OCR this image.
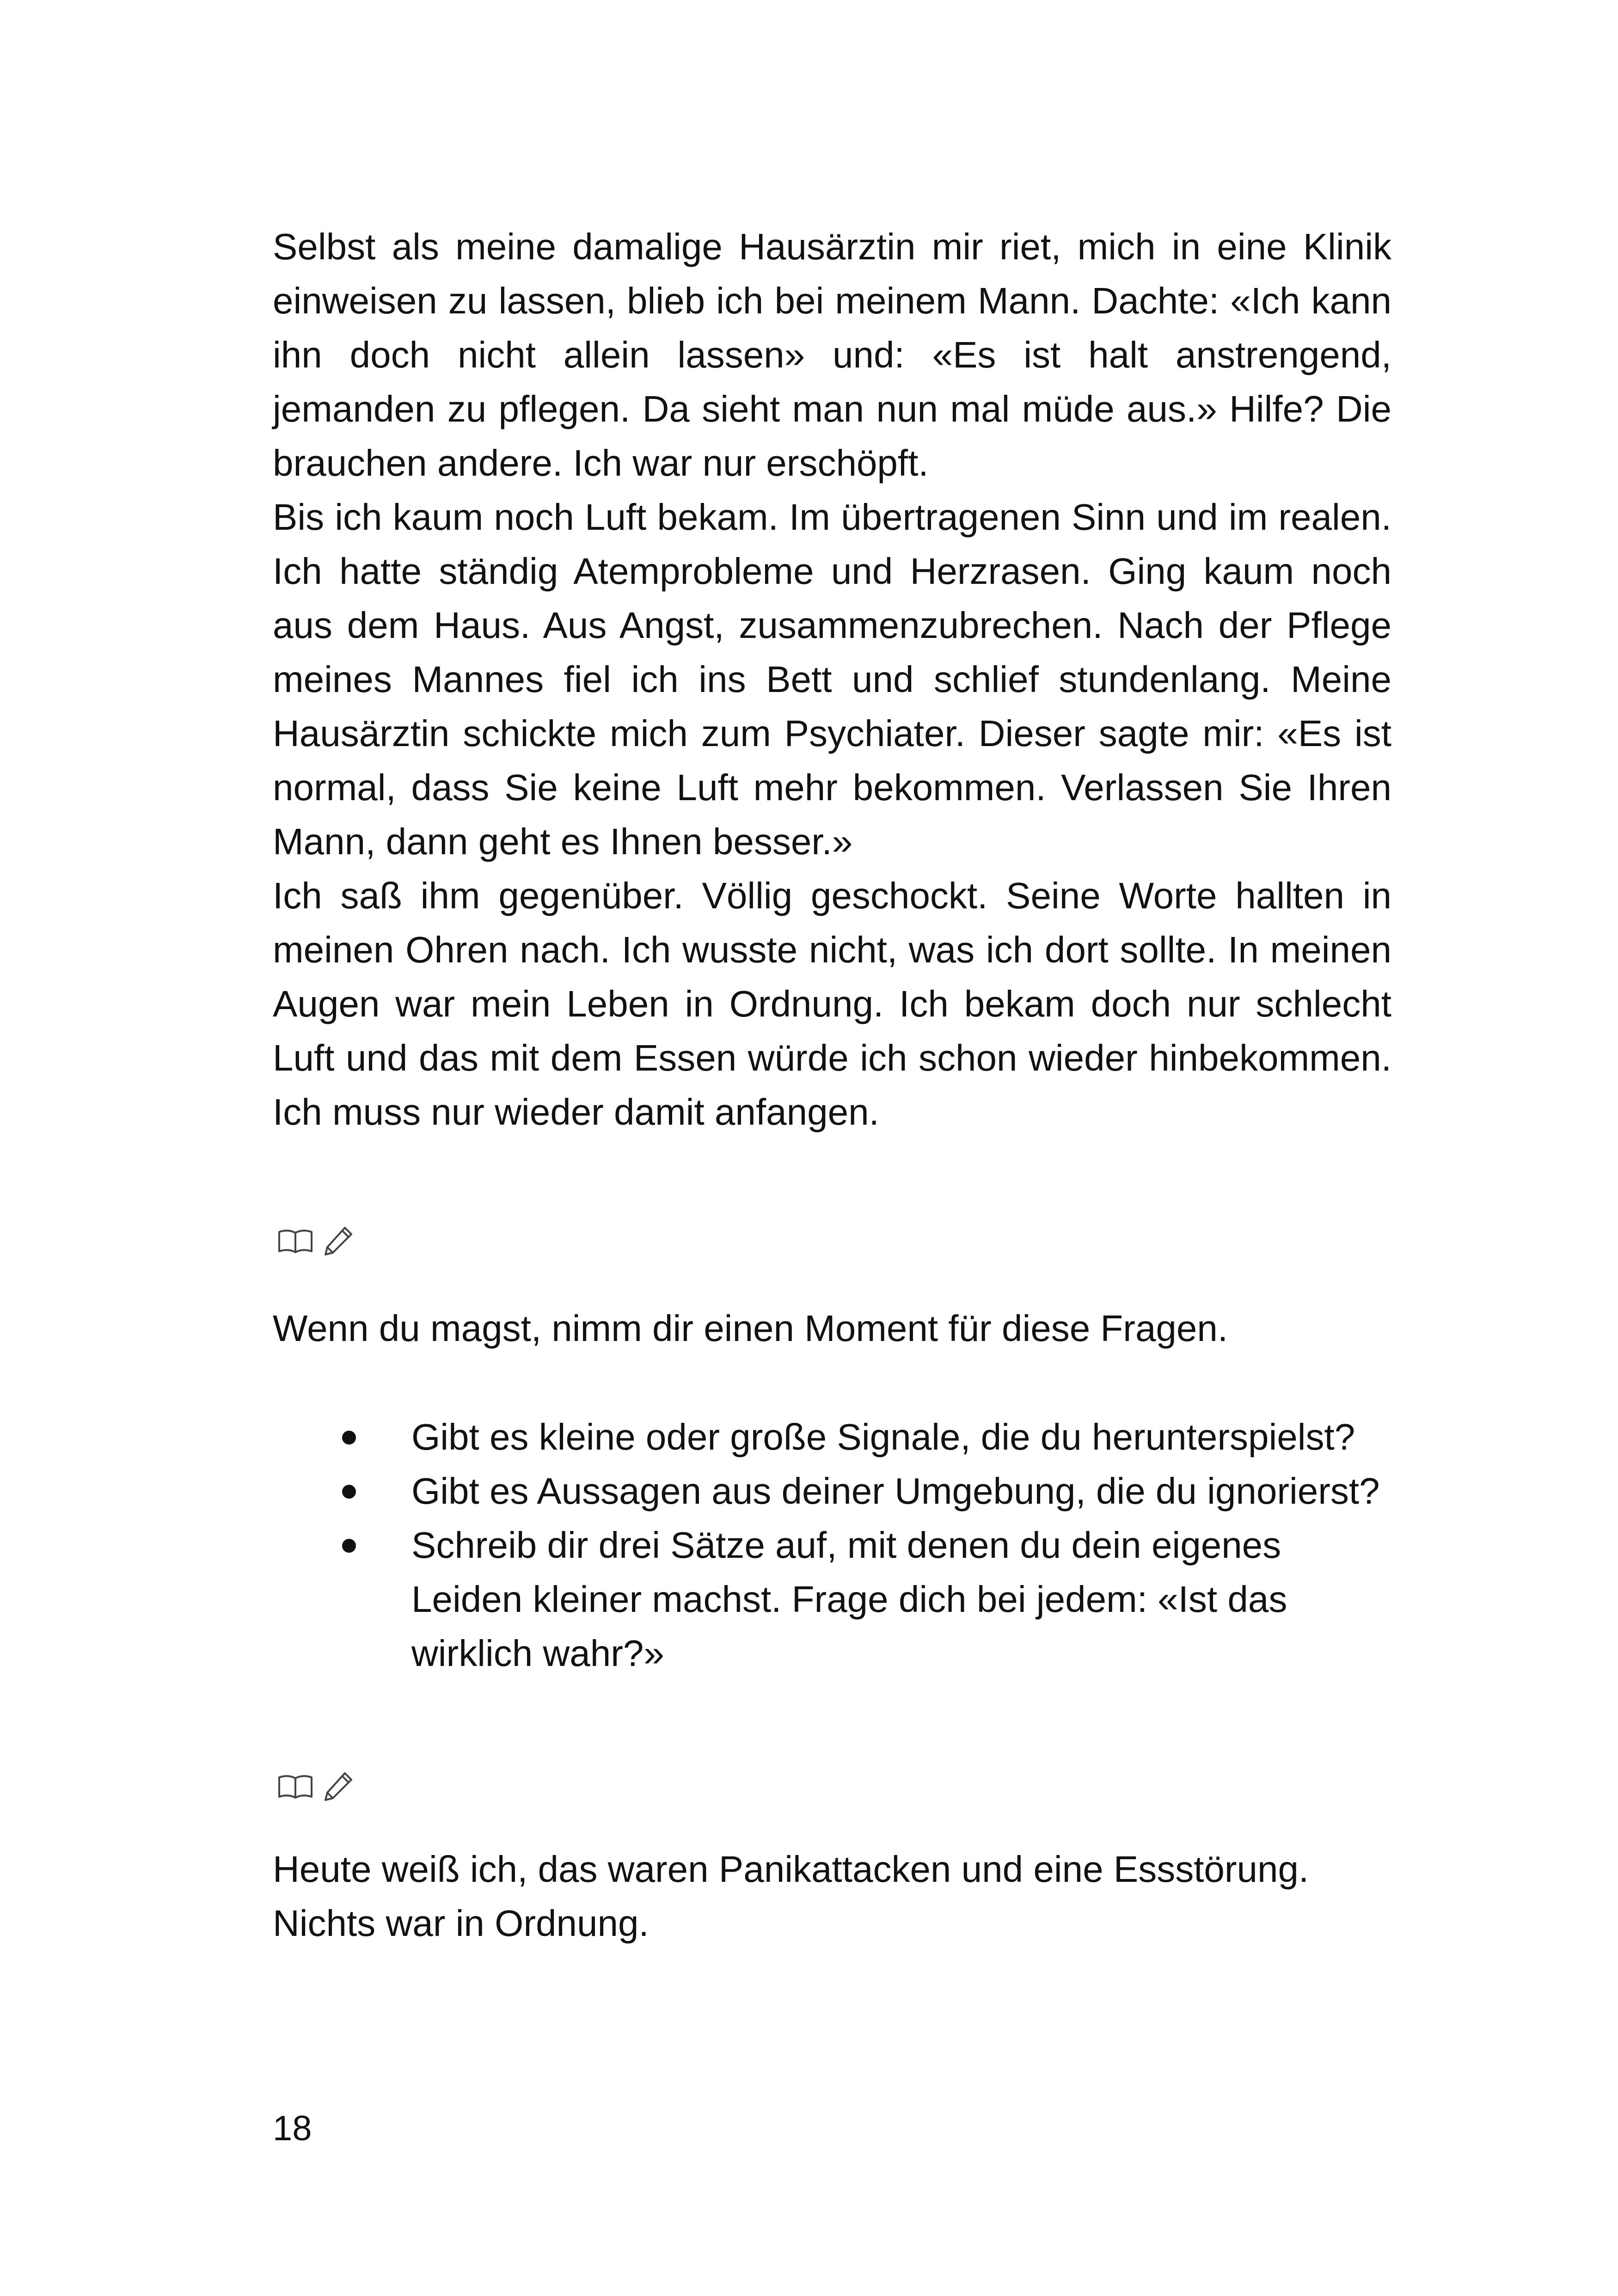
Selbst als meine damalige Hausärztin mir riet, mich in eine Klinik einweisen zu lassen, blieb ich bei meinem Mann. Dachte: «Ich kann ihn doch nicht allein lassen» und: «Es ist halt anstrengend, jemanden zu pflegen. Da sieht man nun mal müde aus.» Hilfe? Die brauchen andere. Ich war nur erschöpft.

Bis ich kaum noch Luft bekam. Im übertragenen Sinn und im realen. Ich hatte ständig Atemprobleme und Herzrasen. Ging kaum noch aus dem Haus. Aus Angst, zusammenzubrechen. Nach der Pflege meines Mannes fiel ich ins Bett und schlief stundenlang. Meine Hausärztin schickte mich zum Psychiater. Dieser sagte mir: «Es ist normal, dass Sie keine Luft mehr bekommen. Verlassen Sie Ihren Mann, dann geht es Ihnen besser.»

Ich saß ihm gegenüber. Völlig geschockt. Seine Worte hallten in meinen Ohren nach. Ich wusste nicht, was ich dort sollte. In meinen Augen war mein Leben in Ordnung. Ich bekam doch nur schlecht Luft und das mit dem Essen würde ich schon wieder hinbekommen. Ich muss nur wieder damit anfangen.

Wenn du magst, nimm dir einen Moment für diese Fragen.

Gibt es kleine oder große Signale, die du herunterspielst?
Gibt es Aussagen aus deiner Umgebung, die du ignorierst?
Schreib dir drei Sätze auf, mit denen du dein eigenes Leiden kleiner machst. Frage dich bei jedem: «Ist das wirklich wahr?»

Heute weiß ich, das waren Panikattacken und eine Essstörung.

Nichts war in Ordnung.

18
